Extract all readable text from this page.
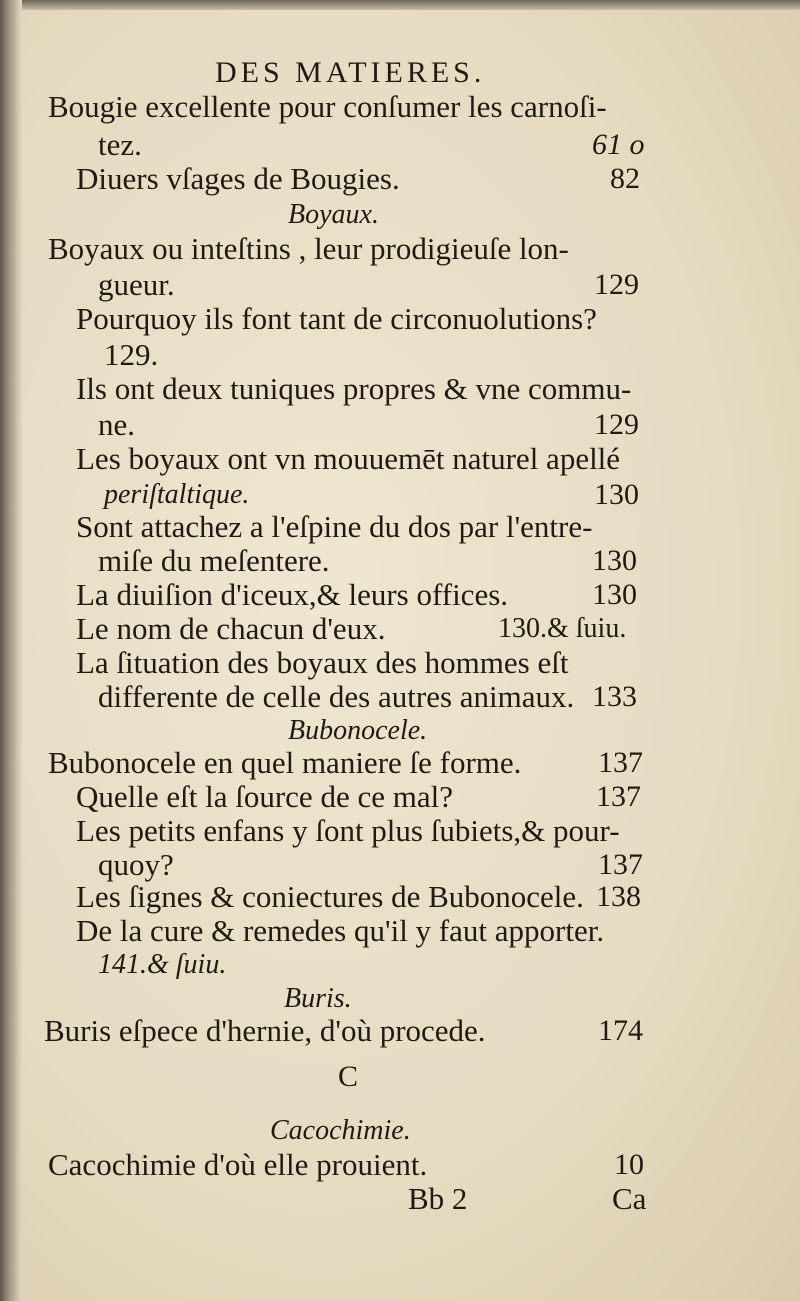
DES MATIERES.
Bougie excellente pour conſumer les carnoſi-
tez.	61 o
Diuers vſages de Bougies.	82
Boyaux.
Boyaux ou inteſtins , leur prodigieuſe lon-
gueur.	129
Pourquoy ils font tant de circonuolutions?
129.
Ils ont deux tuniques propres & vne commu-
ne.	129
Les boyaux ont vn mouuemēt naturel apellé
periſtaltique.	130
Sont attachez a l'eſpine du dos par l'entre-
miſe du meſentere.	130
La diuiſion d'iceux,& leurs offices.	130
Le nom de chacun d'eux.	130.& ſuiu.
La ſituation des boyaux des hommes eſt
differente de celle des autres animaux. 133
Bubonocele.
Bubonocele en quel maniere ſe forme.	137
Quelle eſt la ſource de ce mal?	137
Les petits enfans y ſont plus ſubiets,& pour-
quoy?	137
Les ſignes & coniectures de Bubonocele. 138
De la cure & remedes qu'il y faut apporter.
141.& ſuiu.
Buris.
Buris eſpece d'hernie, d'où procede.	174
C
Cacochimie.
Cacochimie d'où elle prouient.	10
Bb 2	Ca
